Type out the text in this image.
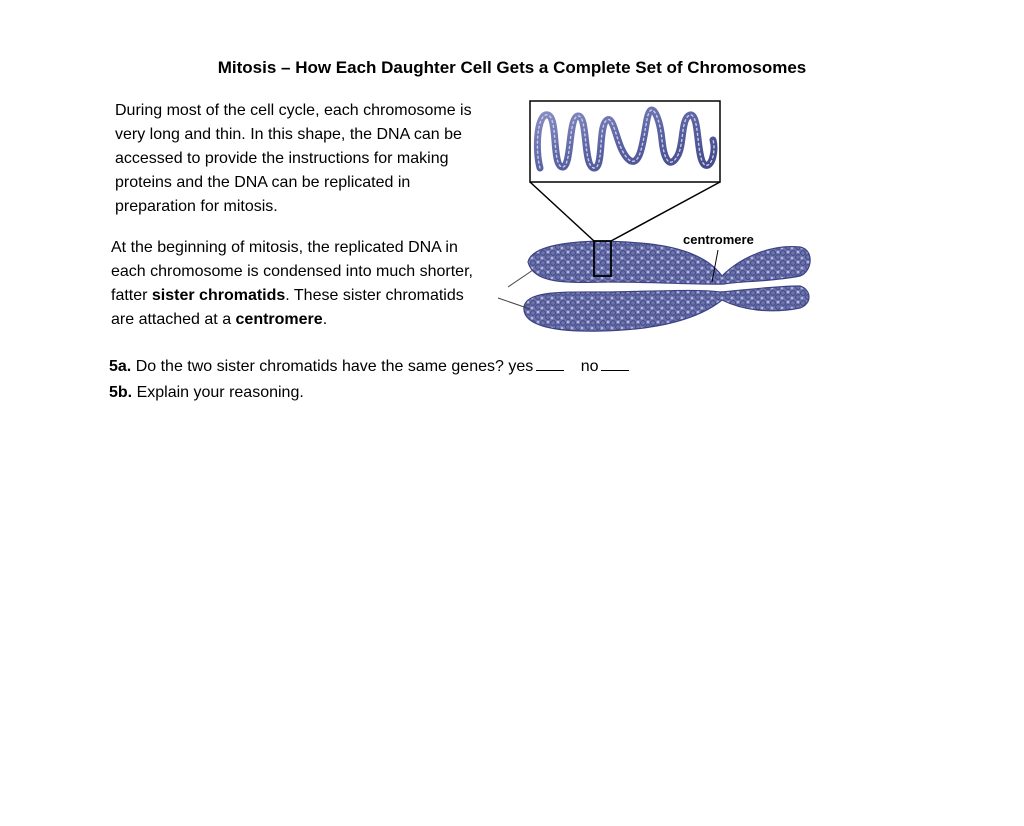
Mitosis – How Each Daughter Cell Gets a Complete Set of Chromosomes
During most of the cell cycle, each chromosome is
very long and thin. In this shape, the DNA can be
accessed to provide the instructions for making
proteins and the DNA can be replicated in
preparation for mitosis.
At the beginning of mitosis, the replicated DNA in
each chromosome is condensed into much shorter,
fatter sister chromatids. These sister chromatids
are attached at a centromere.
centromere
5a. Do the two sister chromatids have the same genes? yes	no
5b. Explain your reasoning.
